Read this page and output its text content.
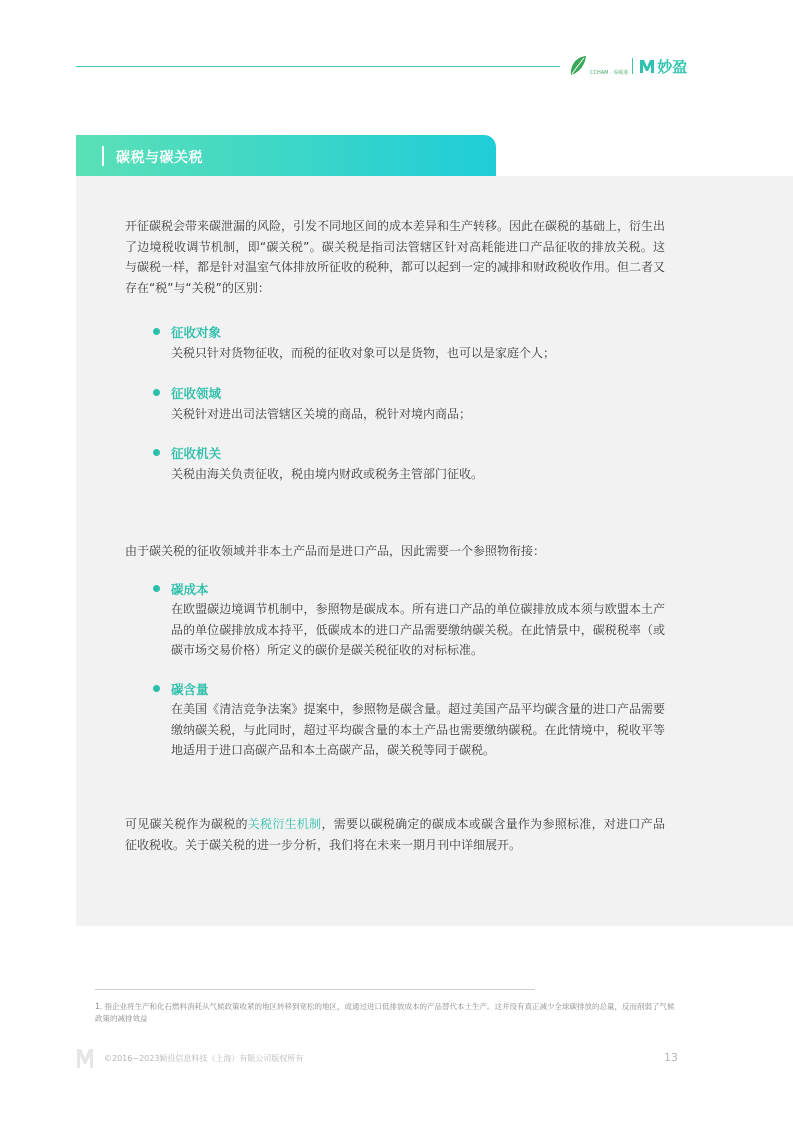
CCHAM · 零碳港 妙盈
碳税与碳关税

开征碳税会带来碳泄漏的风险，引发不同地区间的成本差异和生产转移。因此在碳税的基础上，衍生出了边境税收调节机制，即“碳关税”。碳关税是指司法管辖区针对高耗能进口产品征收的排放关税。这与碳税一样，都是针对温室气体排放所征收的税种，都可以起到一定的减排和财政税收作用。但二者又存在“税”与“关税”的区别：

征收对象

关税只针对货物征收，而税的征收对象可以是货物，也可以是家庭个人；

征收领域

关税针对进出司法管辖区关境的商品，税针对境内商品；

征收机关

关税由海关负责征收，税由境内财政或税务主管部门征收。

由于碳关税的征收领域并非本土产品而是进口产品，因此需要一个参照物衔接：

碳成本

在欧盟碳边境调节机制中，参照物是碳成本。所有进口产品的单位碳排放成本须与欧盟本土产品的单位碳排放成本持平，低碳成本的进口产品需要缴纳碳关税。在此情景中，碳税税率（或碳市场交易价格）所定义的碳价是碳关税征收的对标标准。

碳含量

在美国《清洁竞争法案》提案中，参照物是碳含量。超过美国产品平均碳含量的进口产品需要缴纳碳关税，与此同时，超过平均碳含量的本土产品也需要缴纳碳税。在此情境中，税收平等地适用于进口高碳产品和本土高碳产品，碳关税等同于碳税。

可见碳关税作为碳税的关税衍生机制，需要以碳税确定的碳成本或碳含量作为参照标准，对进口产品征收税收。关于碳关税的进一步分析，我们将在未来一期月刊中详细展开。

1. 指企业将生产和化石燃料消耗从气候政策收紧的地区转移到宽松的地区，或通过进口低排放成本的产品替代本土生产。这并没有真正减少全球碳排放的总量，反而削弱了气候政策的减排效益

©2016~2023颖投信息科技（上海）有限公司版权所有	13
